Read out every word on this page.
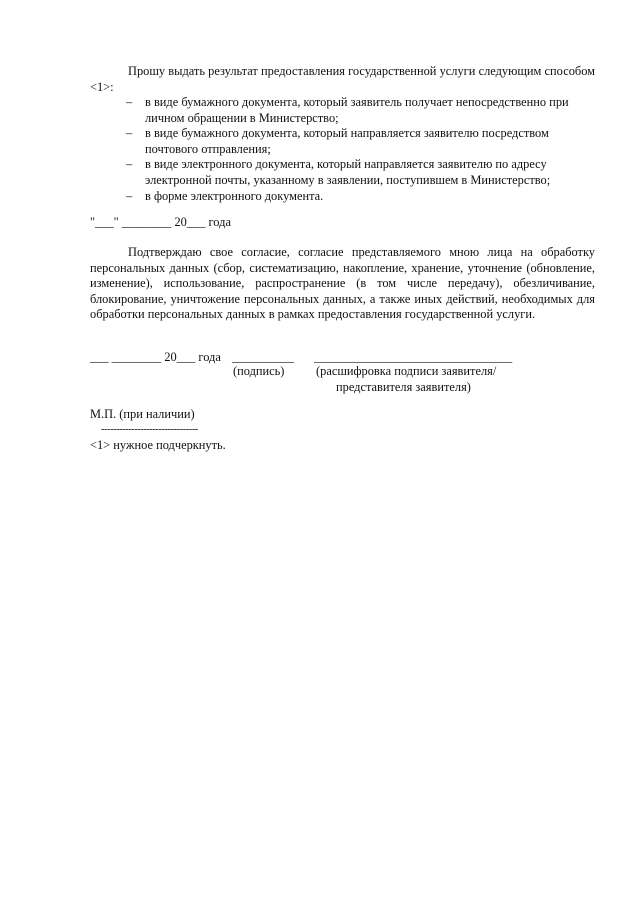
Прошу выдать результат предоставления государственной услуги следующим способом <1>:

– в виде бумажного документа, который заявитель получает непосредственно при личном обращении в Министерство;
– в виде бумажного документа, который направляется заявителю посредством почтового отправления;
– в виде электронного документа, который направляется заявителю по адресу электронной почты, указанному в заявлении, поступившем в Министерство;
– в форме электронного документа.
"___" ________ 20___ года

Подтверждаю свое согласие, согласие представляемого мною лица на обработку персональных данных (сбор, систематизацию, накопление, хранение, уточнение (обновление, изменение), использование, распространение (в том числе передачу), обезличивание, блокирование, уничтожение персональных данных, а также иных действий, необходимых для обработки персональных данных в рамках предоставления государственной услуги.

___ ________ 20___ года __________ ________________________________
(подпись)	(расшифровка подписи заявителя/
представителя заявителя)
М.П. (при наличии)
--------------------------------
<1> нужное подчеркнуть.
